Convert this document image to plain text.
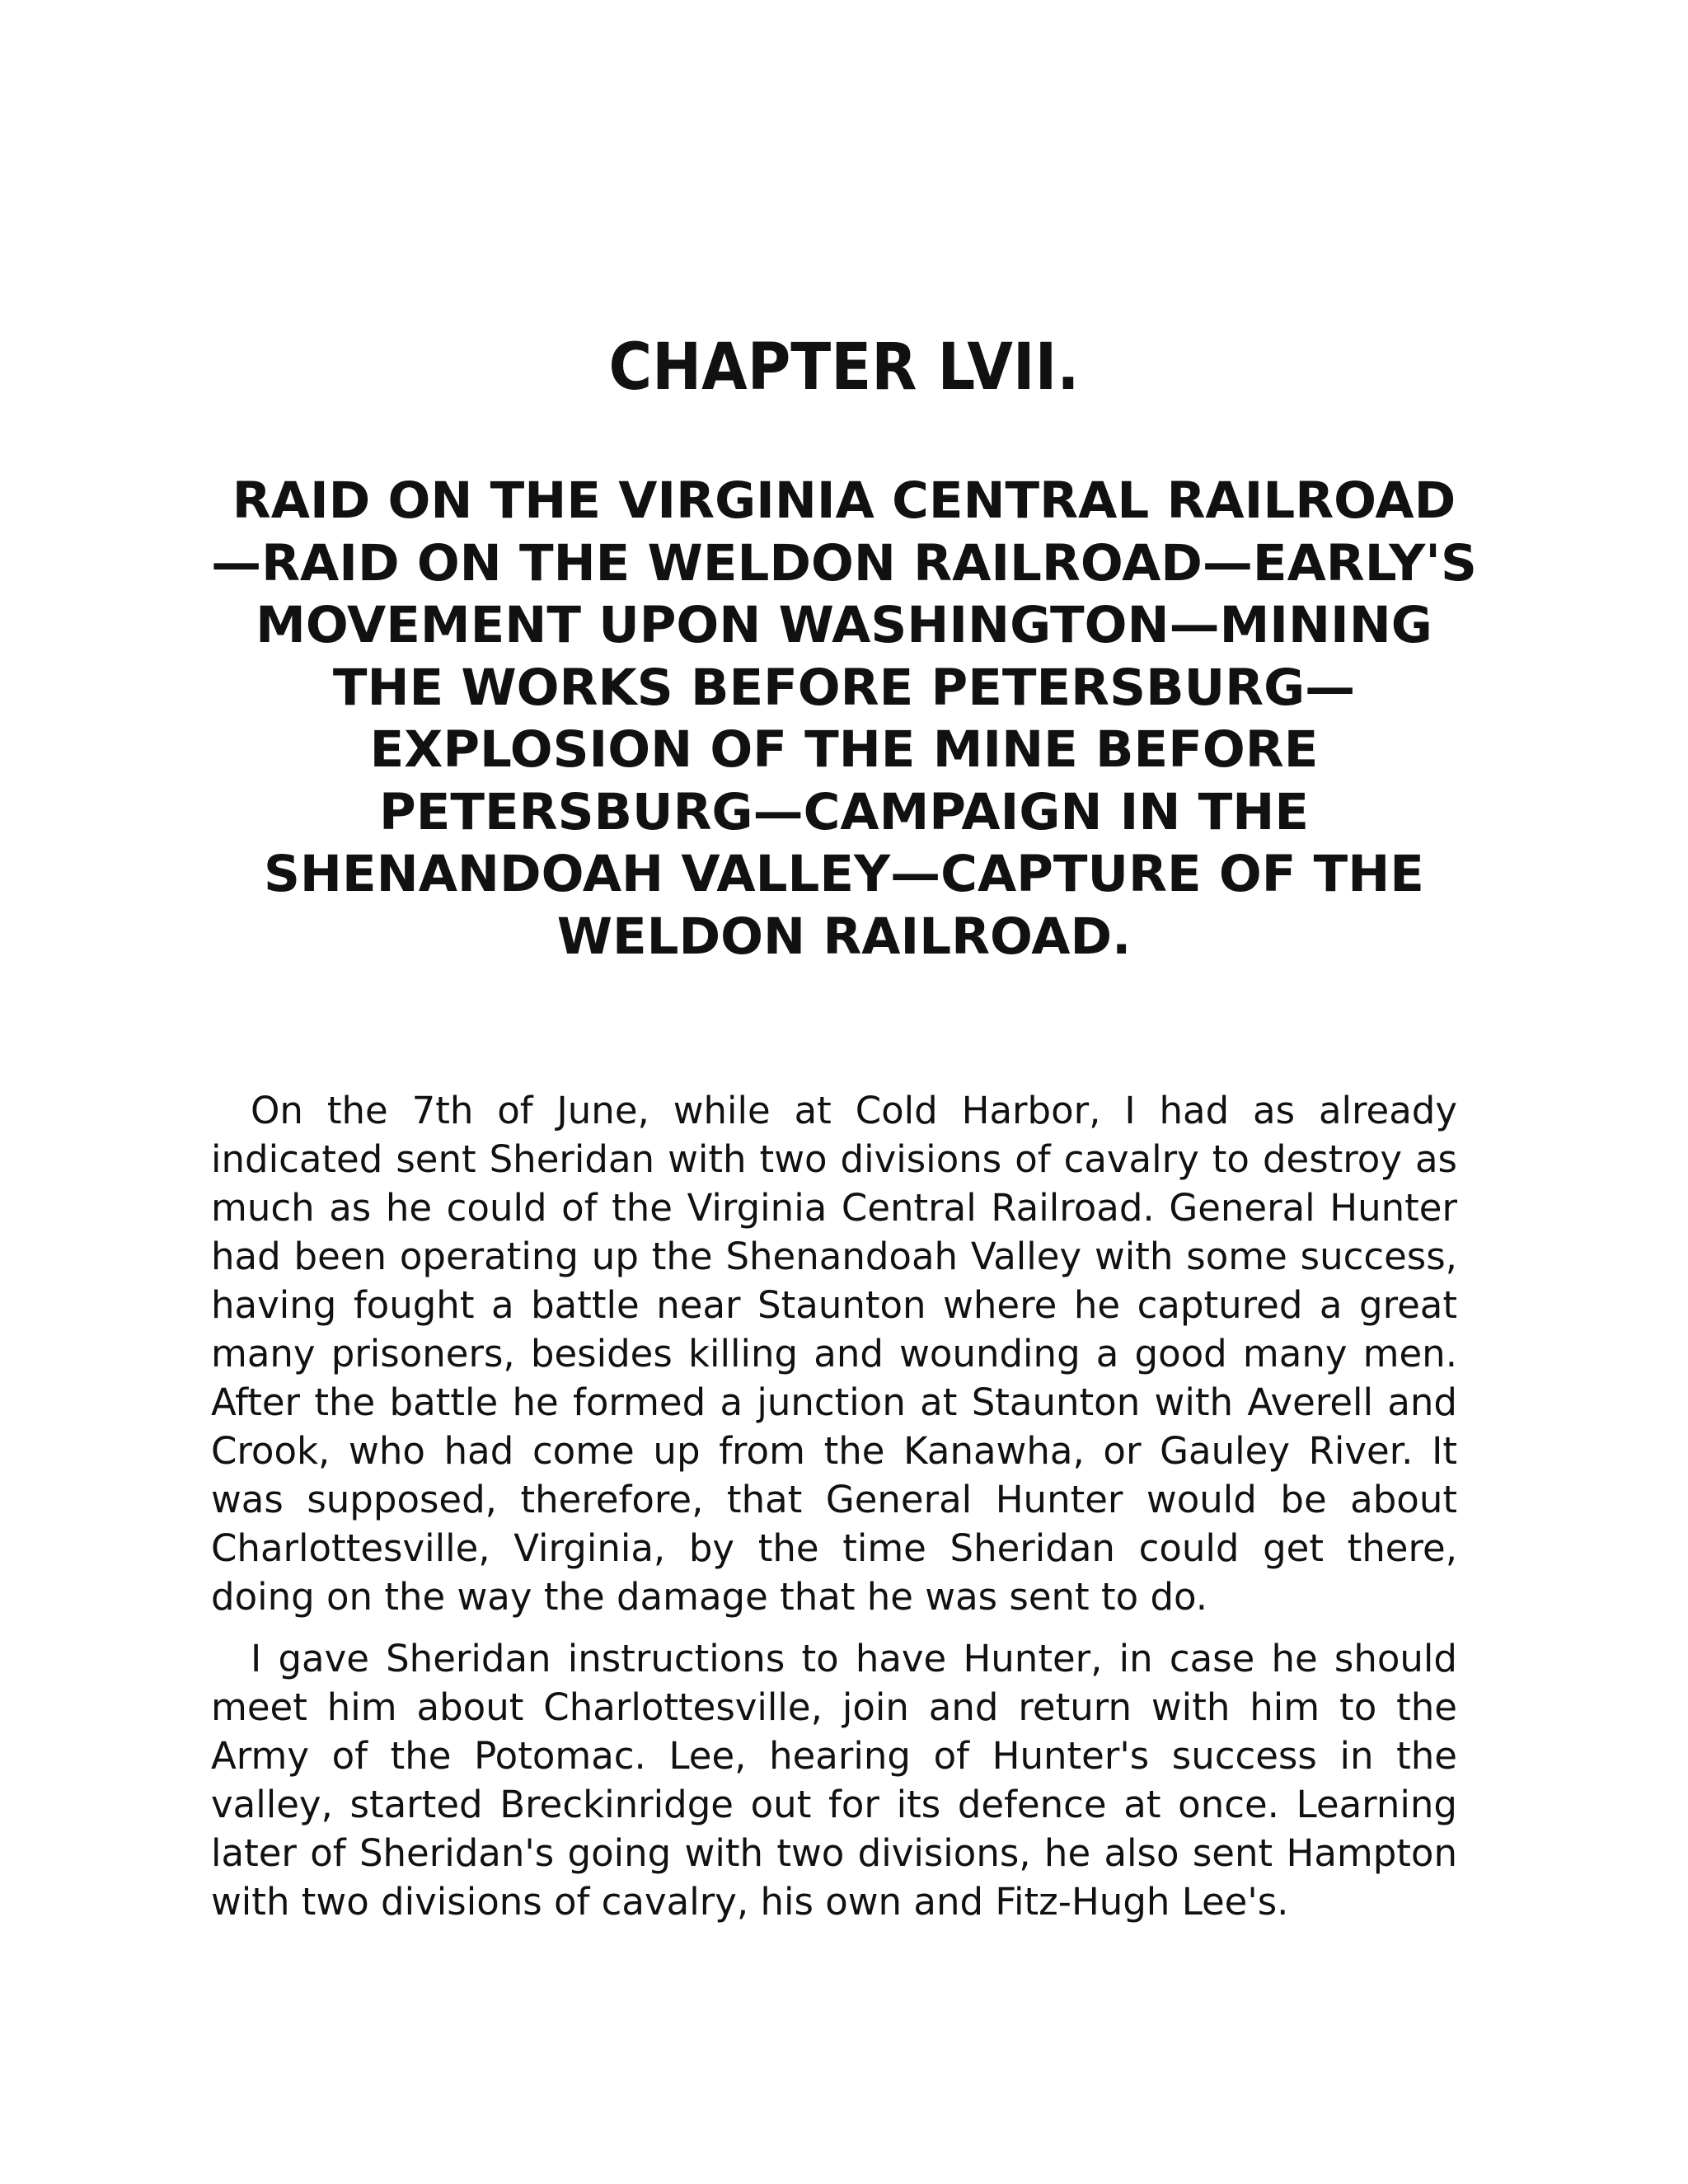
CHAPTER LVII.
RAID ON THE VIRGINIA CENTRAL RAILROAD —RAID ON THE WELDON RAILROAD—EARLY'S MOVEMENT UPON WASHINGTON—MINING THE WORKS BEFORE PETERSBURG— EXPLOSION OF THE MINE BEFORE PETERSBURG—CAMPAIGN IN THE SHENANDOAH VALLEY—CAPTURE OF THE WELDON RAILROAD.

On the 7th of June, while at Cold Harbor, I had as already indicated sent Sheridan with two divisions of cavalry to destroy as much as he could of the Virginia Central Railroad. General Hunter had been operating up the Shenandoah Valley with some success, having fought a battle near Staunton where he captured a great many prisoners, besides killing and wounding a good many men. After the battle he formed a junction at Staunton with Averell and Crook, who had come up from the Kanawha, or Gauley River. It was supposed, therefore, that General Hunter would be about Charlottesville, Virginia, by the time Sheridan could get there, doing on the way the damage that he was sent to do.

I gave Sheridan instructions to have Hunter, in case he should meet him about Charlottesville, join and return with him to the Army of the Potomac. Lee, hearing of Hunter's success in the valley, started Breckinridge out for its defence at once. Learning later of Sheridan's going with two divisions, he also sent Hampton with two divisions of cavalry, his own and Fitz-Hugh Lee's.
